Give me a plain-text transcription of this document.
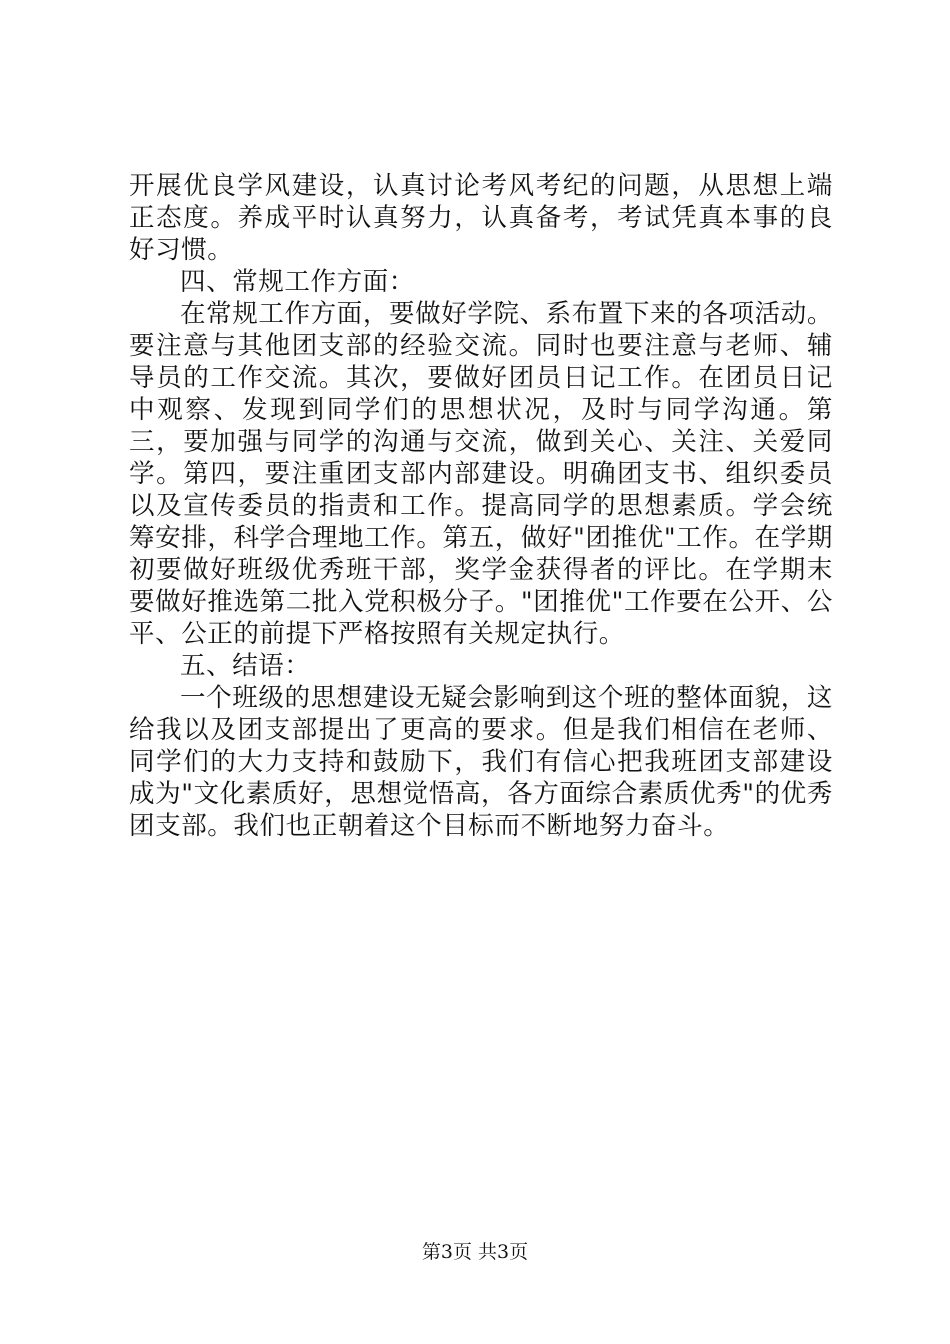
开展优良学风建设，认真讨论考风考纪的问题，从思想上端正态度。养成平时认真努力，认真备考，考试凭真本事的良好习惯。

四、常规工作方面：

在常规工作方面，要做好学院、系布置下来的各项活动。要注意与其他团支部的经验交流。同时也要注意与老师、辅导员的工作交流。其次，要做好团员日记工作。在团员日记中观察、发现到同学们的思想状况，及时与同学沟通。第三，要加强与同学的沟通与交流，做到关心、关注、关爱同学。第四，要注重团支部内部建设。明确团支书、组织委员以及宣传委员的指责和工作。提高同学的思想素质。学会统筹安排，科学合理地工作。第五，做好"团推优"工作。在学期初要做好班级优秀班干部，奖学金获得者的评比。在学期末要做好推选第二批入党积极分子。"团推优"工作要在公开、公平、公正的前提下严格按照有关规定执行。

五、结语：

一个班级的思想建设无疑会影响到这个班的整体面貌，这给我以及团支部提出了更高的要求。但是我们相信在老师、同学们的大力支持和鼓励下，我们有信心把我班团支部建设成为"文化素质好，思想觉悟高，各方面综合素质优秀"的优秀团支部。我们也正朝着这个目标而不断地努力奋斗。

第3页 共3页
